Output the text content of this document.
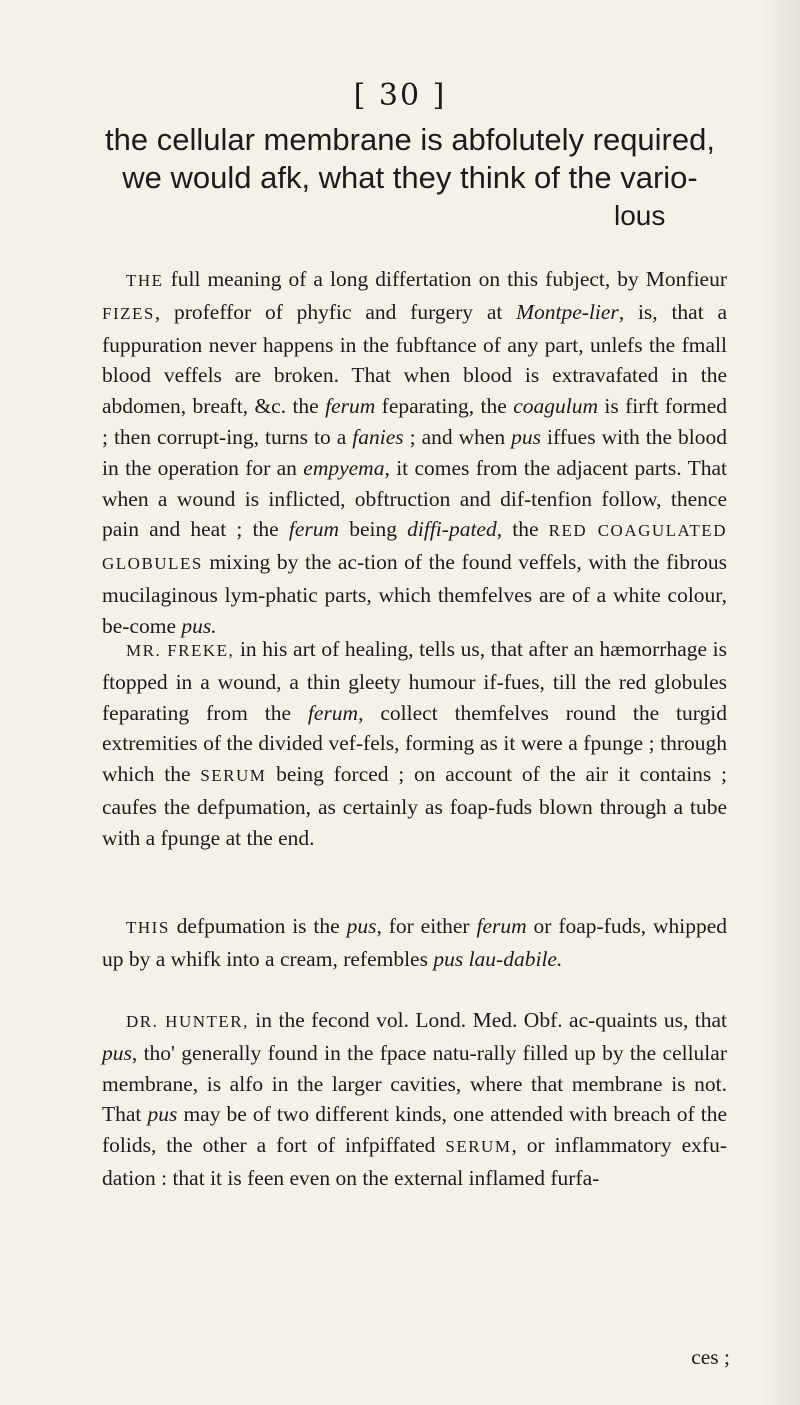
[ 30 ]
the cellular membrane is abfolutely required,
we would afk, what they think of the vario-
lous
THE full meaning of a long differtation on this fubject, by Monfieur FIZES, profeffor of phyfic and furgery at Montpe-lier, is, that a fuppuration never happens in the fubftance of any part, unlefs the fmall blood veffels are broken. That when blood is extravafated in the abdomen, breaft, &c. the ferum feparating, the coagulum is firft formed ; then corrupt-ing, turns to a fanies ; and when pus iffues with the blood in the operation for an empyema, it comes from the adjacent parts. That when a wound is inflicted, obftruction and dif-tenfion follow, thence pain and heat ; the ferum being diffi-pated, the RED COAGULATED GLOBULES mixing by the ac-tion of the found veffels, with the fibrous mucilaginous lym-phatic parts, which themfelves are of a white colour, be-come pus.
MR. FREKE, in his art of healing, tells us, that after an hæmorrhage is ftopped in a wound, a thin gleety humour if-fues, till the red globules feparating from the ferum, collect themfelves round the turgid extremities of the divided vef-fels, forming as it were a fpunge ; through which the SERUM being forced ; on account of the air it contains ; caufes the defpumation, as certainly as foap-fuds blown through a tube with a fpunge at the end.
THIS defpumation is the pus, for either ferum or foap-fuds, whipped up by a whifk into a cream, refembles pus lau-dabile.
DR. HUNTER, in the fecond vol. Lond. Med. Obf. ac-quaints us, that pus, tho' generally found in the fpace natu-rally filled up by the cellular membrane, is alfo in the larger cavities, where that membrane is not. That pus may be of two different kinds, one attended with breach of the folids, the other a fort of infpiffated SERUM, or inflammatory exfu-dation : that it is feen even on the external inflamed furfa-
ces ;
